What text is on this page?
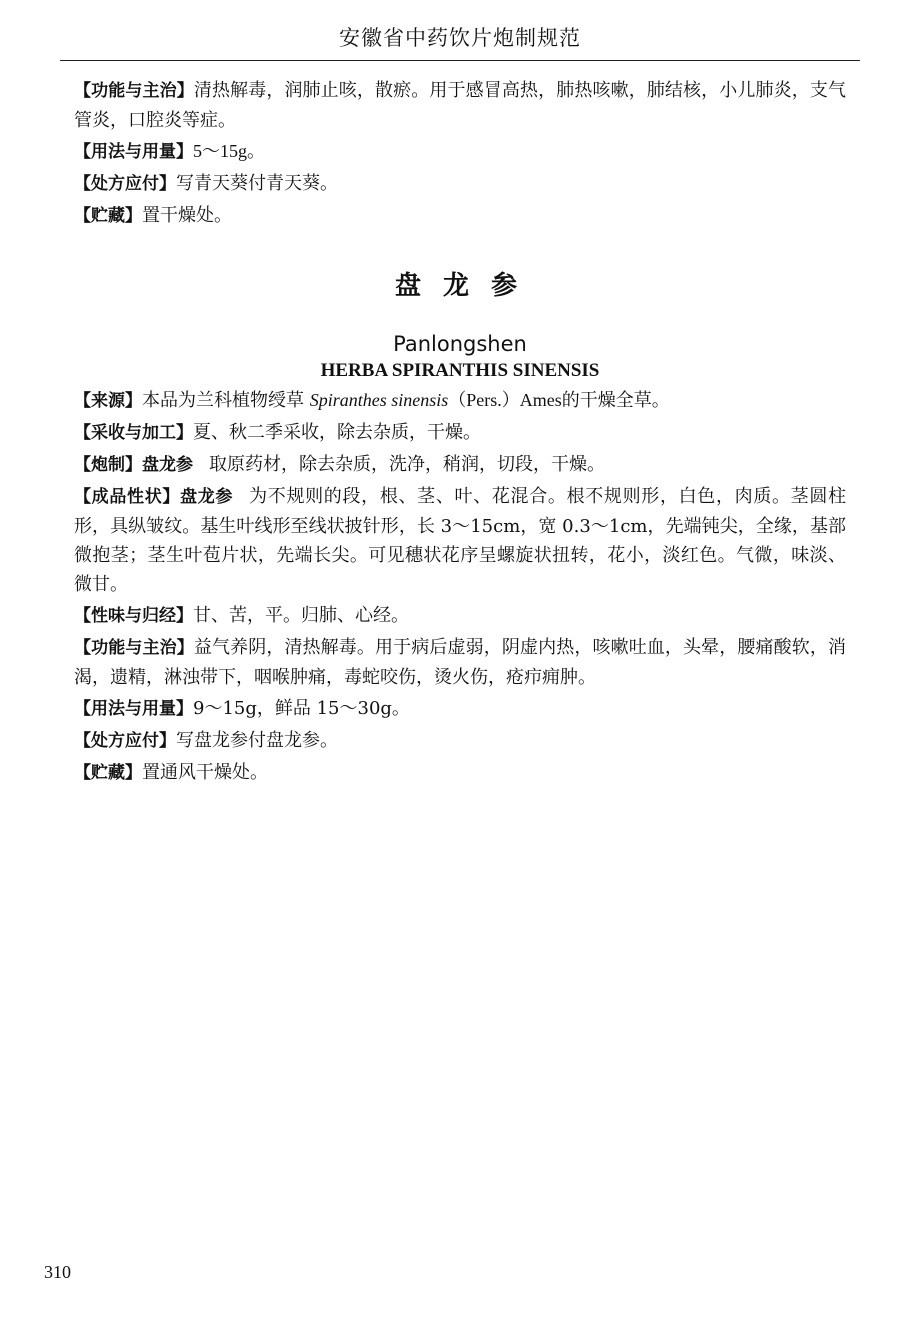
安徽省中药饮片炮制规范

【功能与主治】清热解毒，润肺止咳，散瘀。用于感冒高热，肺热咳嗽，肺结核，小儿肺炎，支气管炎，口腔炎等症。

【用法与用量】5～15g。

【处方应付】写青天葵付青天葵。

【贮藏】置干燥处。

盘龙参
Panlongshen
HERBA SPIRANTHIS SINENSIS

【来源】本品为兰科植物绶草 Spiranthes sinensis（Pers.）Ames的干燥全草。

【采收与加工】夏、秋二季采收，除去杂质，干燥。

【炮制】盘龙参 取原药材，除去杂质，洗净，稍润，切段，干燥。

【成品性状】盘龙参 为不规则的段，根、茎、叶、花混合。根不规则形，白色，肉质。茎圆柱形，具纵皱纹。基生叶线形至线状披针形，长 3～15cm，宽 0.3～1cm，先端钝尖，全缘，基部微抱茎；茎生叶苞片状，先端长尖。可见穗状花序呈螺旋状扭转，花小，淡红色。气微，味淡、微甘。

【性味与归经】甘、苦，平。归肺、心经。

【功能与主治】益气养阴，清热解毒。用于病后虚弱，阴虚内热，咳嗽吐血，头晕，腰痛酸软，消渴，遗精，淋浊带下，咽喉肿痛，毒蛇咬伤，烫火伤，疮疖痈肿。

【用法与用量】9～15g，鲜品 15～30g。

【处方应付】写盘龙参付盘龙参。

【贮藏】置通风干燥处。

310
